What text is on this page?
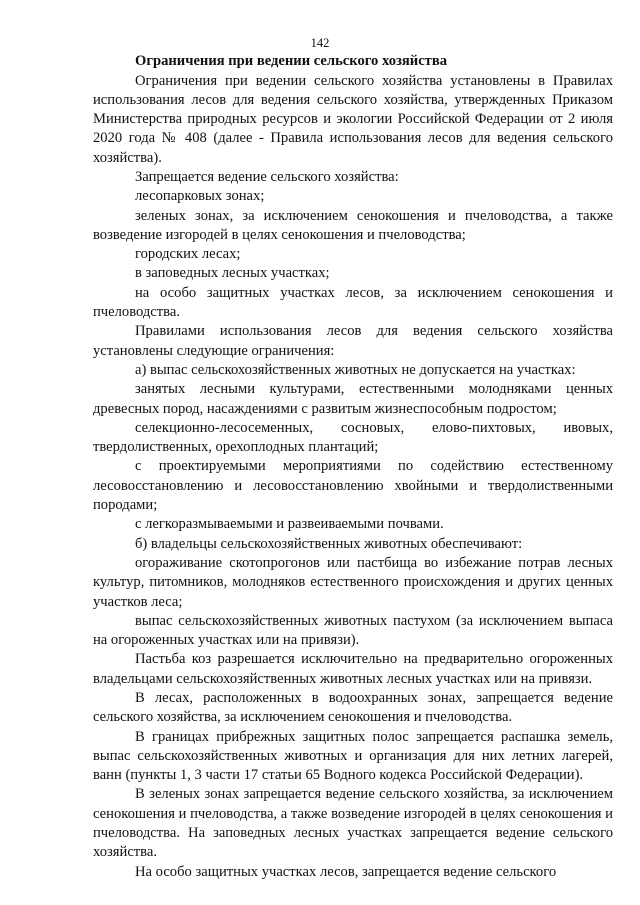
142

Ограничения при ведении сельского хозяйства

Ограничения при ведении сельского хозяйства установлены в Правилах использования лесов для ведения сельского хозяйства, утвержденных Приказом Министерства природных ресурсов и экологии Российской Федерации от 2 июля 2020 года № 408 (далее - Правила использования лесов для ведения сельского хозяйства).

Запрещается ведение сельского хозяйства:

лесопарковых зонах;

зеленых зонах, за исключением сенокошения и пчеловодства, а также возведение изгородей в целях сенокошения и пчеловодства;

городских лесах;

в заповедных лесных участках;

на особо защитных участках лесов, за исключением сенокошения и пчеловодства.

Правилами использования лесов для ведения сельского хозяйства установлены следующие ограничения:

а) выпас сельскохозяйственных животных не допускается на участках:

занятых лесными культурами, естественными молодняками ценных древесных пород, насаждениями с развитым жизнеспособным подростом;

селекционно-лесосеменных, сосновых, елово-пихтовых, ивовых, твердолиственных, орехоплодных плантаций;

с проектируемыми мероприятиями по содействию естественному лесовосстановлению и лесовосстановлению хвойными и твердолиственными породами;

с легкоразмываемыми и развеиваемыми почвами.

б) владельцы сельскохозяйственных животных обеспечивают:

огораживание скотопрогонов или пастбища во избежание потрав лесных культур, питомников, молодняков естественного происхождения и других ценных участков леса;

выпас сельскохозяйственных животных пастухом (за исключением выпаса на огороженных участках или на привязи).

Пастьба коз разрешается исключительно на предварительно огороженных владельцами сельскохозяйственных животных лесных участках или на привязи.

В лесах, расположенных в водоохранных зонах, запрещается ведение сельского хозяйства, за исключением сенокошения и пчеловодства.

В границах прибрежных защитных полос запрещается распашка земель, выпас сельскохозяйственных животных и организация для них летних лагерей, ванн (пункты 1, 3 части 17 статьи 65 Водного кодекса Российской Федерации).

В зеленых зонах запрещается ведение сельского хозяйства, за исключением сенокошения и пчеловодства, а также возведение изгородей в целях сенокошения и пчеловодства. На заповедных лесных участках запрещается ведение сельского хозяйства.

На особо защитных участках лесов, запрещается ведение сельского
